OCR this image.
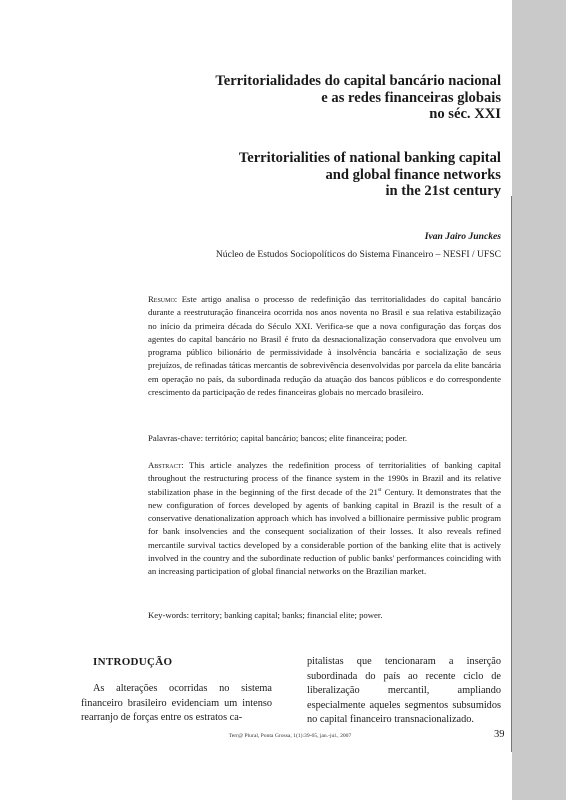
Territorialidades do capital bancário nacional
e as redes financeiras globais
no séc. XXI
Territorialities of national banking capital
and global finance networks
in the 21st century
Ivan Jairo Junckes
Núcleo de Estudos Sociopolíticos do Sistema Financeiro – NESFI / UFSC

Resumo: Este artigo analisa o processo de redefinição das territorialidades do capital bancário durante a reestruturação financeira ocorrida nos anos noventa no Brasil e sua relativa estabilização no início da primeira década do Século XXI. Verifica-se que a nova configuração das forças dos agentes do capital bancário no Brasil é fruto da desnacionalização conservadora que envolveu um programa público bilionário de permissividade à insolvência bancária e socialização de seus prejuízos, de refinadas táticas mercantis de sobrevivência desenvolvidas por parcela da elite bancária em operação no país, da subordinada redução da atuação dos bancos públicos e do correspondente crescimento da participação de redes financeiras globais no mercado brasileiro.

Palavras-chave: território; capital bancário; bancos; elite financeira; poder.

Abstract: This article analyzes the redefinition process of territorialities of banking capital throughout the restructuring process of the finance system in the 1990s in Brazil and its relative stabilization phase in the beginning of the first decade of the 21st Century. It demonstrates that the new configuration of forces developed by agents of banking capital in Brazil is the result of a conservative denationalization approach which has involved a billionaire permissive public program for bank insolvencies and the consequent socialization of their losses. It also reveals refined mercantile survival tactics developed by a considerable portion of the banking elite that is actively involved in the country and the subordinate reduction of public banks' performances coinciding with an increasing participation of global financial networks on the Brazilian market.

Key-words: territory; banking capital; banks; financial elite; power.

INTRODUÇÃO

As alterações ocorridas no sistema financeiro brasileiro evidenciam um intenso rearranjo de forças entre os estratos ca-

pitalistas que tencionaram a inserção subordinada do país ao recente ciclo de liberalização mercantil, ampliando especialmente aqueles segmentos subsumidos no capital financeiro transnacionalizado.

Terr@ Plural, Ponta Grossa, 1(1):39-65, jan.-jul., 2007	39
